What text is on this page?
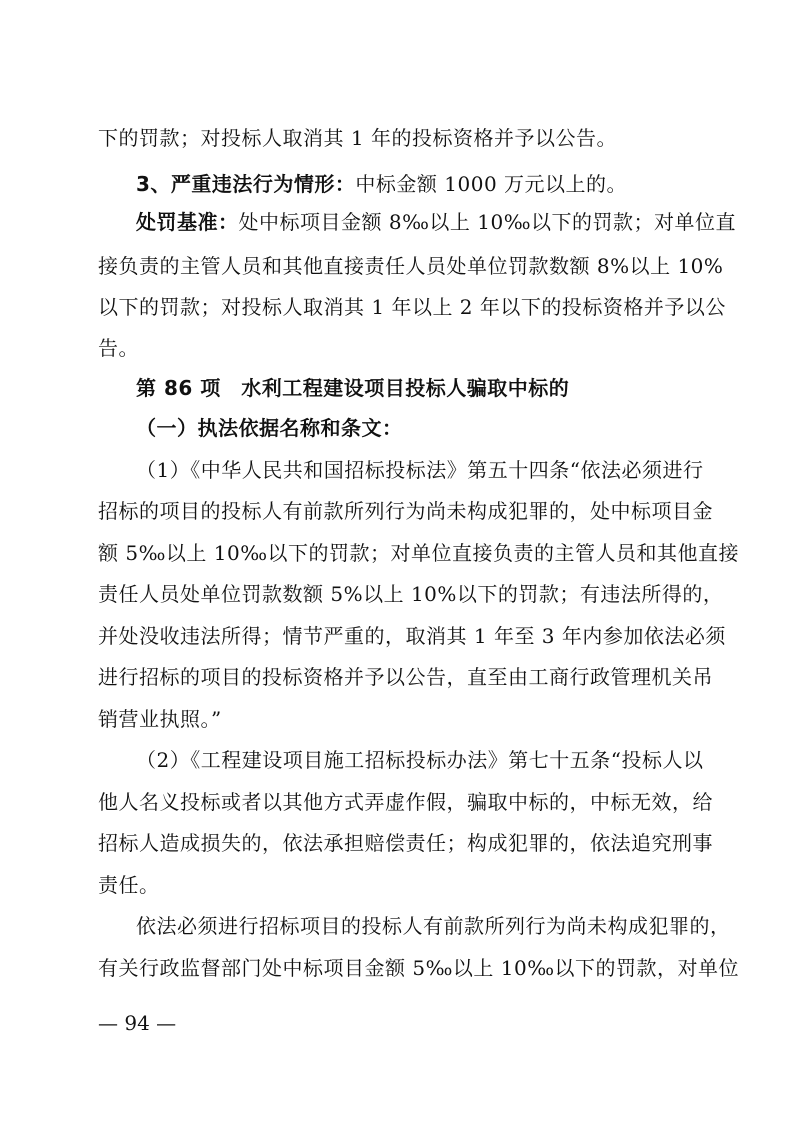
下的罚款；对投标人取消其 1 年的投标资格并予以公告。
3、严重违法行为情形：中标金额 1000 万元以上的。
处罚基准：处中标项目金额 8‰以上 10‰以下的罚款；对单位直
接负责的主管人员和其他直接责任人员处单位罚款数额 8%以上 10%
以下的罚款；对投标人取消其 1 年以上 2 年以下的投标资格并予以公
告。
第 86 项　水利工程建设项目投标人骗取中标的
（一）执法依据名称和条文：
（1）《中华人民共和国招标投标法》第五十四条“依法必须进行
招标的项目的投标人有前款所列行为尚未构成犯罪的，处中标项目金
额 5‰以上 10‰以下的罚款；对单位直接负责的主管人员和其他直接
责任人员处单位罚款数额 5%以上 10%以下的罚款；有违法所得的，
并处没收违法所得；情节严重的，取消其 1 年至 3 年内参加依法必须
进行招标的项目的投标资格并予以公告，直至由工商行政管理机关吊
销营业执照。”
（2）《工程建设项目施工招标投标办法》第七十五条“投标人以
他人名义投标或者以其他方式弄虚作假，骗取中标的，中标无效，给
招标人造成损失的，依法承担赔偿责任；构成犯罪的，依法追究刑事
责任。
依法必须进行招标项目的投标人有前款所列行为尚未构成犯罪的，
有关行政监督部门处中标项目金额 5‰以上 10‰以下的罚款，对单位
— 94 —
